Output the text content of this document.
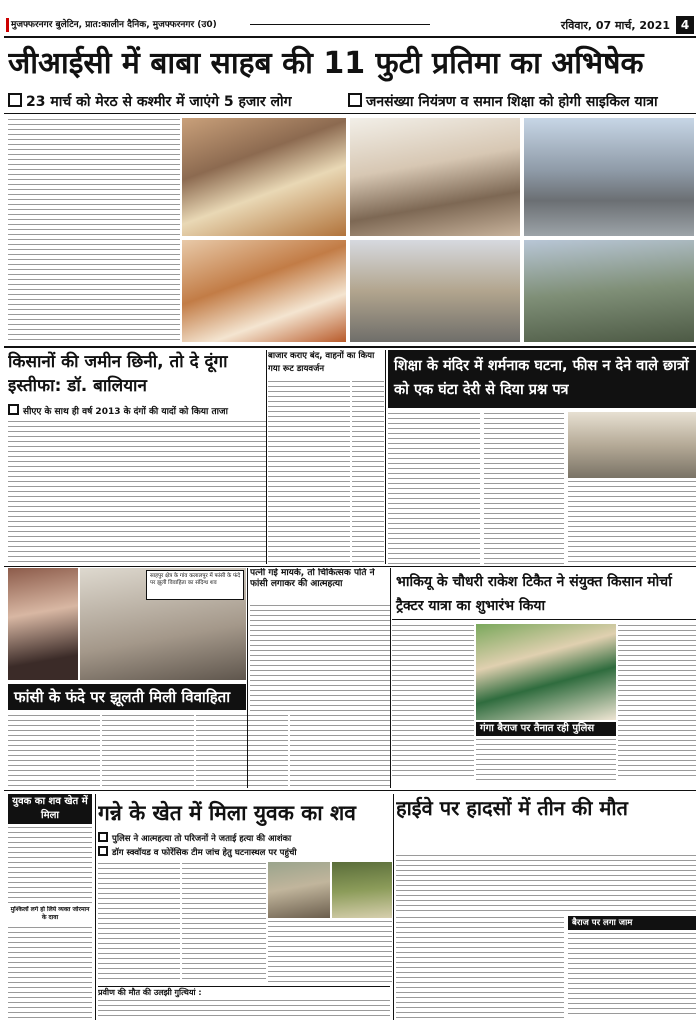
मुजफ्फरनगर बुलेटिन, प्रात:कालीन दैनिक, मुजफ्फरनगर (उ0)	रविवार, 07 मार्च, 2021 4
जीआईसी में बाबा साहब की 11 फुटी प्रतिमा का अभिषेक
23 मार्च को मेरठ से कश्मीर में जाएंगे 5 हजार लोग	जनसंख्या नियंत्रण व समान शिक्षा को होगी साइकिल यात्रा
किसानों की जमीन छिनी, तो दे दूंगा इस्तीफा: डॉ. बालियान
सीएए के साथ ही वर्ष 2013 के दंगों की यादों को किया ताजा
बाजार कराए बंद, वाहनों का किया गया रूट डायवर्जन	शिक्षा के मंदिर में शर्मनाक घटना, फीस न देने वाले छात्रों को एक घंटा देरी से दिया प्रश्न पत्र
साहपुर क्षेत्र के गांव कलालपुर में फांसी के फंदे पर झूली विवाहिता का संदिग्ध शव
फांसी के फंदे पर झूलती मिली विवाहिता
पत्नी गई मायके, तो चिकित्सक पति ने फांसी लगाकर की आत्महत्या	भाकियू के चौधरी राकेश टिकैत ने संयुक्त किसान मोर्चा ट्रैक्टर यात्रा का शुभारंभ किया
गंगा बैराज पर तैनात रही पुलिस
युवक का शव खेत में मिला
मुश्किलों लगे हो लिये व्यक्त जोरमान के दावा
गन्ने के खेत में मिला युवक का शव
पुलिस ने आत्महत्या तो परिजनों ने जताई हत्या की आशंका
डॉग स्क्वॉयड व फोरेंसिक टीम जांच हेतु घटनास्थल पर पहुंची
प्रवीण की मौत की उलझी गुत्थियां :
हाईवे पर हादसों में तीन की मौत
बैराज पर लगा जाम
